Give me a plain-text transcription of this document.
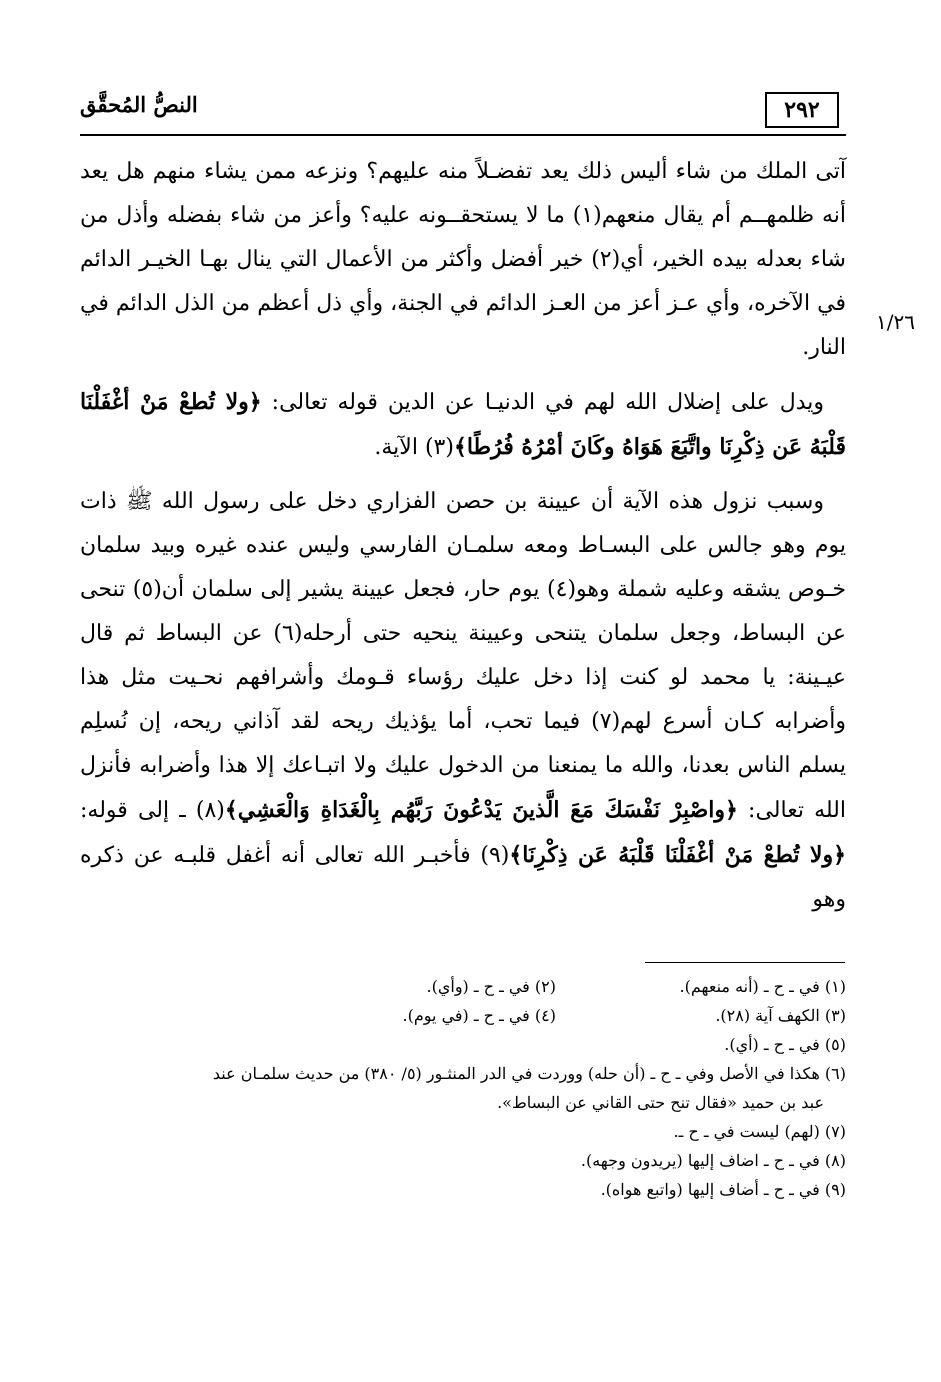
النصُّ المُحقَّق	٢٩٢
١/٢٦

آتى الملك من شاء أليس ذلك يعد تفضـلاً منه عليهم؟ ونزعه ممن يشاء منهم هل يعد أنه ظلمهــم أم يقال منعهم(١) ما لا يستحقــونه عليه؟ وأعز من شاء بفضله وأذل من شاء بعدله بيده الخير، أي(٢) خير أفضل وأكثر من الأعمال التي ينال بهـا الخيـر الدائم في الآخره، وأي عـز أعز من العـز الدائم في الجنة، وأي ذل أعظم من الذل الدائم في النار.

ويدل على إضلال الله لهم في الدنيـا عن الدين قوله تعالى: ﴿ولا تُطعْ مَنْ أغْفَلْنَا قَلْبَهُ عَن ذِكْرِنَا واتَّبَعَ هَوَاهُ وكَانَ أمْرُهُ فُرُطًا﴾(٣) الآية.

وسبب نزول هذه الآية أن عيينة بن حصن الفزاري دخل على رسول الله ﷺ ذات يوم وهو جالس على البسـاط ومعه سلمـان الفارسي وليس عنده غيره وبيد سلمان خـوص يشقه وعليه شملة وهو(٤) يوم حار، فجعل عيينة يشير إلى سلمان أن(٥) تنحى عن البساط، وجعل سلمان يتنحى وعيينة ينحيه حتى أرحله(٦) عن البساط ثم قال عيـينة: يا محمد لو كنت إذا دخل عليك رؤساء قـومك وأشرافهم نحـيت مثل هذا وأضرابه كـان أسرع لهم(٧) فيما تحب، أما يؤذيك ريحه لقد آذاني ريحه، إن نُسلِم يسلم الناس بعدنا، والله ما يمنعنا من الدخول عليك ولا اتبـاعك إلا هذا وأضرابه فأنزل الله تعالى: ﴿واصْبِرْ نَفْسَكَ مَعَ الَّذينَ يَدْعُونَ رَبَّهُم بِالْغَدَاةِ وَالْعَشِي﴾(٨) ـ إلى قوله: ﴿ولا تُطعْ مَنْ أغْفَلْنَا قَلْبَهُ عَن ذِكْرِنَا﴾(٩) فأخبـر الله تعالى أنه أغفل قلبـه عن ذكره وهو

(١) في ـ ح ـ (أنه منعهم).
(٢) في ـ ح ـ (وأي).
(٣) الكهف آية (٢٨).
(٤) في ـ ح ـ (في يوم).
(٥) في ـ ح ـ (أي).
(٦) هكذا في الأصل وفي ـ ح ـ (أن حله) ووردت في الدر المنثـور (٥/ ٣٨٠) من حديث سلمـان عند
عبد بن حميد «فقال تنح حتى القاني عن البساط».
(٧) (لهم) ليست في ـ ح ـ.
(٨) في ـ ح ـ اضاف إليها (يريدون وجهه).
(٩) في ـ ح ـ أضاف إليها (واتبع هواه).
